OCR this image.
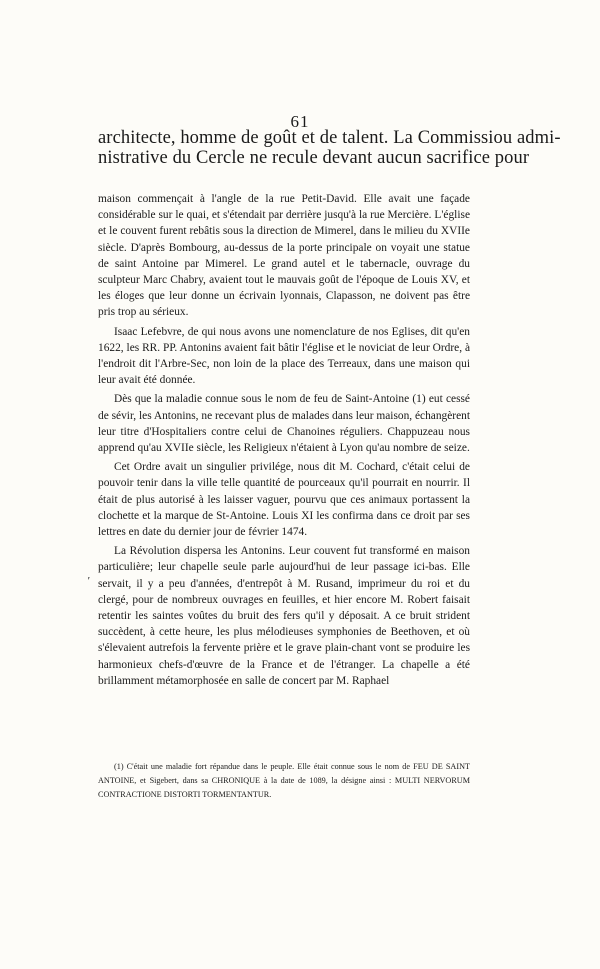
61
architecte, homme de goût et de talent. La Commissiou admi-
nistrative du Cercle ne recule devant aucun sacrifice pour

maison commençait à l'angle de la rue Petit-David. Elle avait une façade considérable sur le quai, et s'étendait par derrière jusqu'à la rue Mercière. L'église et le couvent furent rebâtis sous la direction de Mimerel, dans le milieu du XVIIe siècle. D'après Bombourg, au-dessus de la porte principale on voyait une statue de saint Antoine par Mimerel. Le grand autel et le tabernacle, ouvrage du sculpteur Marc Chabry, avaient tout le mauvais goût de l'époque de Louis XV, et les éloges que leur donne un écrivain lyonnais, Clapasson, ne doivent pas être pris trop au sérieux.

Isaac Lefebvre, de qui nous avons une nomenclature de nos Eglises, dit qu'en 1622, les RR. PP. Antonins avaient fait bâtir l'église et le noviciat de leur Ordre, à l'endroit dit l'Arbre-Sec, non loin de la place des Terreaux, dans une maison qui leur avait été donnée.

Dès que la maladie connue sous le nom de feu de Saint-Antoine (1) eut cessé de sévir, les Antonins, ne recevant plus de malades dans leur maison, échangèrent leur titre d'Hospitaliers contre celui de Chanoines réguliers. Chappuzeau nous apprend qu'au XVIIe siècle, les Religieux n'étaient à Lyon qu'au nombre de seize.

Cet Ordre avait un singulier privilége, nous dit M. Cochard, c'était celui de pouvoir tenir dans la ville telle quantité de pourceaux qu'il pourrait en nourrir. Il était de plus autorisé à les laisser vaguer, pourvu que ces animaux portassent la clochette et la marque de St-Antoine. Louis XI les confirma dans ce droit par ses lettres en date du dernier jour de février 1474.

La Révolution dispersa les Antonins. Leur couvent fut transformé en maison particulière; leur chapelle seule parle aujourd'hui de leur passage ici-bas. Elle servait, il y a peu d'années, d'entrepôt à M. Rusand, imprimeur du roi et du clergé, pour de nombreux ouvrages en feuilles, et hier encore M. Robert faisait retentir les saintes voûtes du bruit des fers qu'il y déposait. A ce bruit strident succèdent, à cette heure, les plus mélodieuses symphonies de Beethoven, et où s'élevaient autrefois la fervente prière et le grave plain-chant vont se produire les harmonieux chefs-d'œuvre de la France et de l'étranger. La chapelle a été brillamment métamorphosée en salle de concert par M. Raphael

'

(1) C'était une maladie fort répandue dans le peuple. Elle était connue sous le nom de FEU DE SAINT ANTOINE, et Sigebert, dans sa CHRONIQUE à la date de 1089, la désigne ainsi : MULTI NERVORUM CONTRACTIONE DISTORTI TORMENTANTUR.
